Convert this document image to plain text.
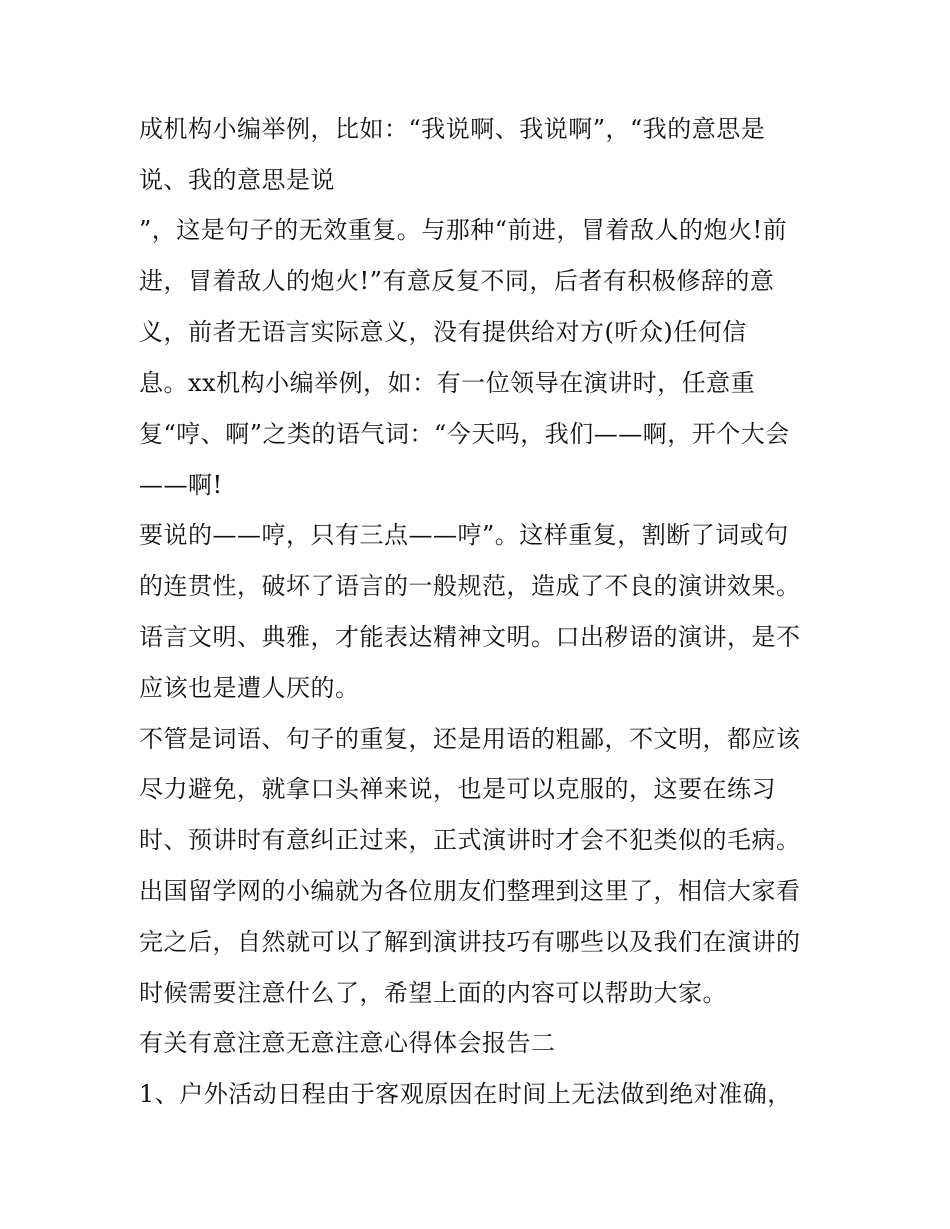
成机构小编举例，比如：“我说啊、我说啊”，“我的意思是
说、我的意思是说
”，这是句子的无效重复。与那种“前进，冒着敌人的炮火!前
进，冒着敌人的炮火!”有意反复不同，后者有积极修辞的意
义，前者无语言实际意义，没有提供给对方(听众)任何信
息。xx机构小编举例，如：有一位领导在演讲时，任意重
复“哼、啊”之类的语气词：“今天吗，我们——啊，开个大会
——啊!
要说的——哼，只有三点——哼”。这样重复，割断了词或句
的连贯性，破坏了语言的一般规范，造成了不良的演讲效果。
语言文明、典雅，才能表达精神文明。口出秽语的演讲，是不
应该也是遭人厌的。
不管是词语、句子的重复，还是用语的粗鄙，不文明，都应该
尽力避免，就拿口头禅来说，也是可以克服的，这要在练习
时、预讲时有意纠正过来，正式演讲时才会不犯类似的毛病。
出国留学网的小编就为各位朋友们整理到这里了，相信大家看
完之后，自然就可以了解到演讲技巧有哪些以及我们在演讲的
时候需要注意什么了，希望上面的内容可以帮助大家。
有关有意注意无意注意心得体会报告二
1、户外活动日程由于客观原因在时间上无法做到绝对准确，
